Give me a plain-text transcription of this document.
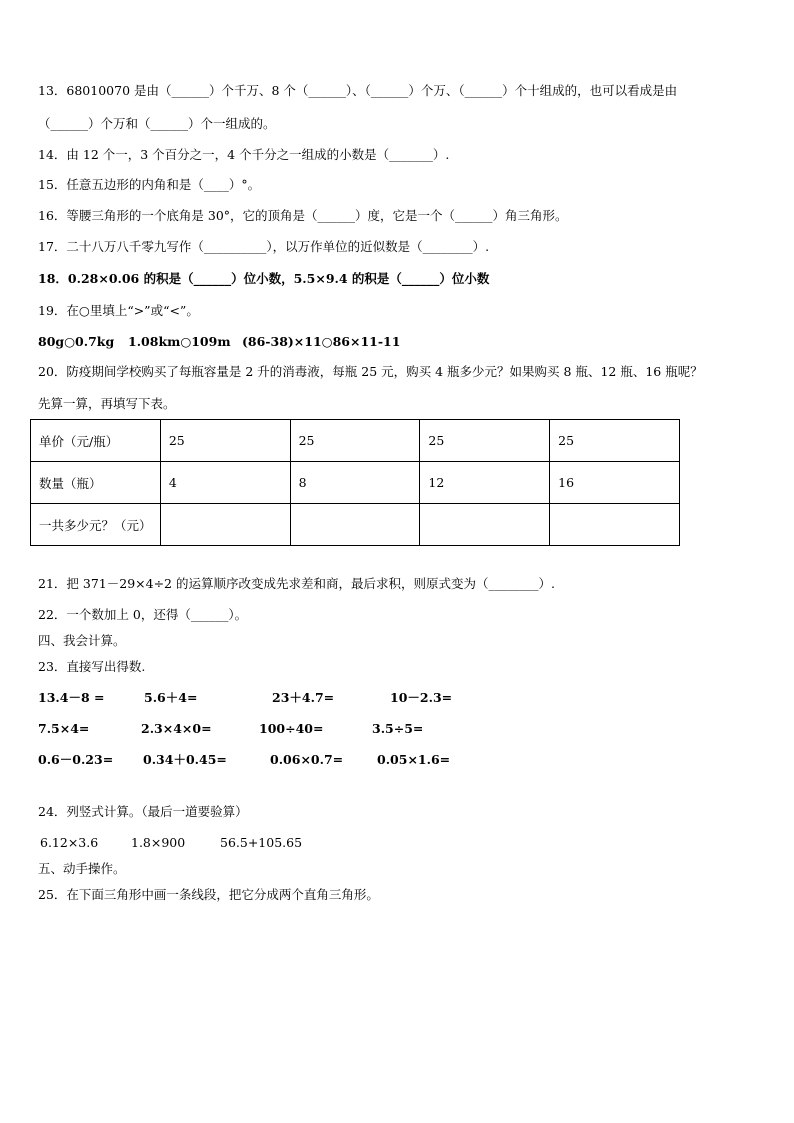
13．68010070 是由（______）个千万、8 个（______）、（______）个万、（______）个十组成的，也可以看成是由
（______）个万和（______）个一组成的。
14．由 12 个一，3 个百分之一，4 个千分之一组成的小数是（_______）.
15．任意五边形的内角和是（____）°。
16．等腰三角形的一个底角是 30°，它的顶角是（______）度，它是一个（______）角三角形。
17．二十八万八千零九写作（__________），以万作单位的近似数是（________）.
18．0.28×0.06 的积是（______）位小数，5.5×9.4 的积是（______）位小数
19．在○里填上“>”或“<”。
80g○0.7kg 1.08km○109m (86-38)×11○86×11-11
20．防疫期间学校购买了每瓶容量是 2 升的消毒液，每瓶 25 元，购买 4 瓶多少元？如果购买 8 瓶、12 瓶、16 瓶呢？
先算一算，再填写下表。
单价（元/瓶）	25	25	25	25
数量（瓶）	4	8	12	16
一共多少元？（元）				
21．把 371－29×4÷2 的运算顺序改变成先求差和商，最后求积，则原式变为（________）.
22．一个数加上 0，还得（______）。
四、我会计算。
23．直接写出得数.
13.4－8 =	5.6＋4=	23＋4.7=	10－2.3=
7.5×4=	2.3×4×0=	100÷40=	3.5÷5=
0.6－0.23= 0.34＋0.45=	0.06×0.7=	0.05×1.6=
24．列竖式计算。（最后一道要验算）
6.12×3.6	1.8×900	56.5+105.65
五、动手操作。
25．在下面三角形中画一条线段，把它分成两个直角三角形。
